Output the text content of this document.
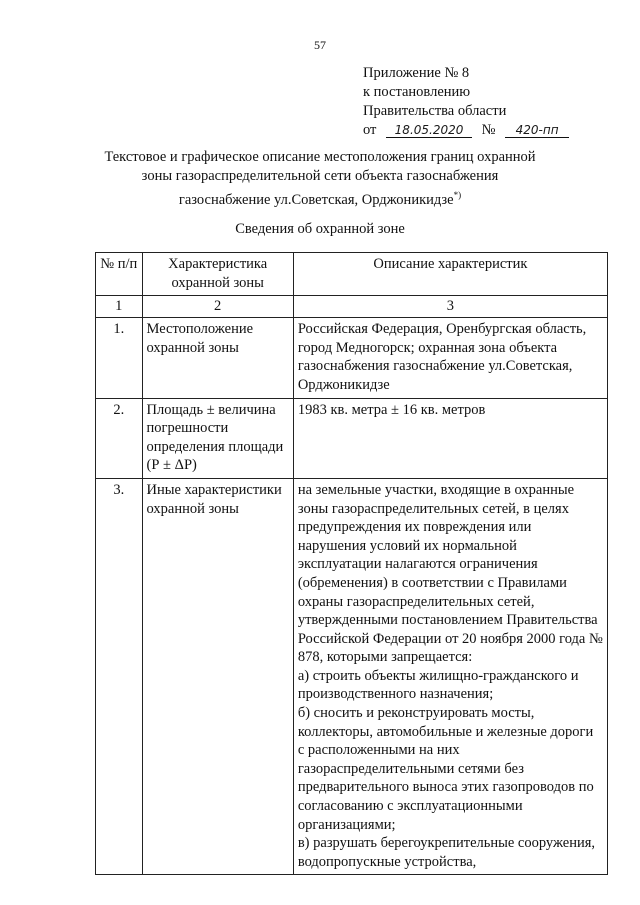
57
Приложение № 8
к постановлению
Правительства области
от 18.05.2020 № 420-пп
Текстовое и графическое описание местоположения границ охранной зоны газораспределительной сети объекта газоснабжения газоснабжение ул.Советская, Орджоникидзе*)
Сведения об охранной зоне
№ п/п	Характеристика охранной зоны	Описание характеристик
1	2	3
1.	Местоположение охранной зоны	Российская Федерация, Оренбургская область, город Медногорск; охранная зона объекта газоснабжения газоснабжение ул.Советская, Орджоникидзе
2.	Площадь ± величина погрешности определения площади (Р ± ΔР)	1983 кв. метра ± 16 кв. метров
3.	Иные характеристики охранной зоны	на земельные участки, входящие в охранные зоны газораспределительных сетей, в целях предупреждения их повреждения или нарушения условий их нормальной эксплуатации налагаются ограничения (обременения) в соответствии с Правилами охраны газораспределительных сетей, утвержденными постановлением Правительства Российской Федерации от 20 ноября 2000 года № 878, которыми запрещается:
а) строить объекты жилищно-гражданского и производственного назначения;
б) сносить и реконструировать мосты, коллекторы, автомобильные и железные дороги с расположенными на них газораспределительными сетями без предварительного выноса этих газопроводов по согласованию с эксплуатационными организациями;
в) разрушать берегоукрепительные сооружения, водопропускные устройства,
